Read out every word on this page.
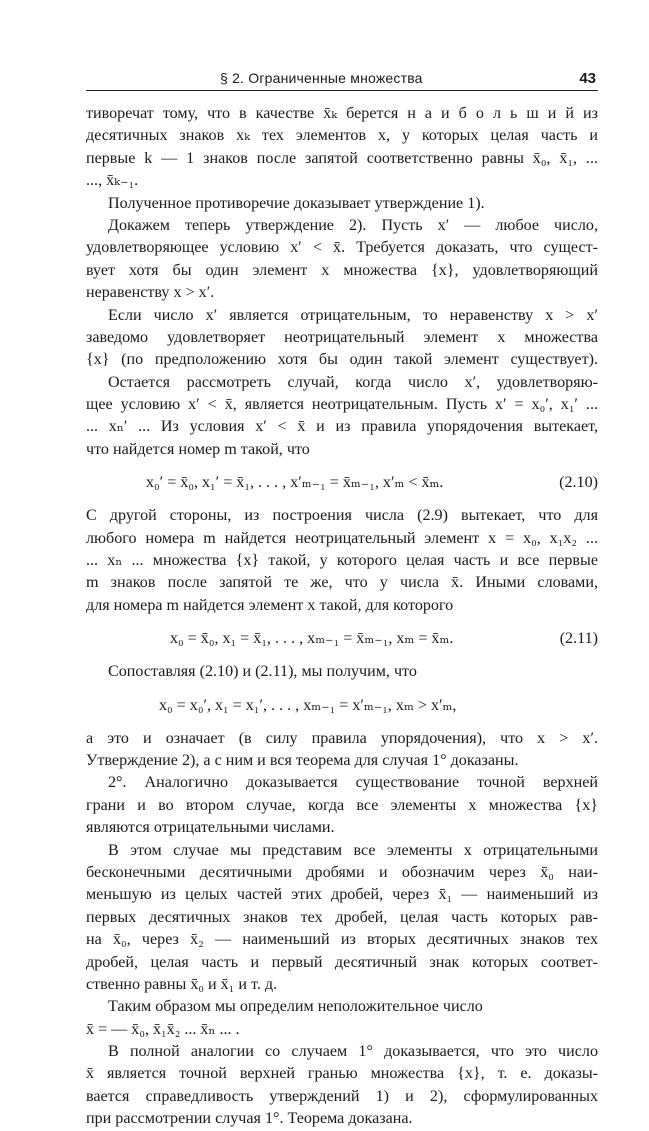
§ 2. Ограниченные множества	43
тиворечат тому, что в качестве x̄ₖ берется н а и б о л ь ш и й из
десятичных знаков xₖ тех элементов x, у которых целая часть и
первые k — 1 знаков после запятой соответственно равны x̄₀, x̄₁, ...
..., x̄ₖ₋₁.
Полученное противоречие доказывает утверждение 1).
Докажем теперь утверждение 2). Пусть x′ — любое число,
удовлетворяющее условию x′ < x̄. Требуется доказать, что сущест-
вует хотя бы один элемент x множества {x}, удовлетворяющий
неравенству x > x′.
Если число x′ является отрицательным, то неравенству x > x′
заведомо удовлетворяет неотрицательный элемент x множества
{x} (по предположению хотя бы один такой элемент существует).
Остается рассмотреть случай, когда число x′, удовлетворяю-
щее условию x′ < x̄, является неотрицательным. Пусть x′ = x₀′, x₁′ ...
... xₙ′ ... Из условия x′ < x̄ и из правила упорядочения вытекает,
что найдется номер m такой, что
x₀′ = x̄₀, x₁′ = x̄₁, . . . , x′ₘ₋₁ = x̄ₘ₋₁, x′ₘ < x̄ₘ.	(2.10)
С другой стороны, из построения числа (2.9) вытекает, что для
любого номера m найдется неотрицательный элемент x = x₀, x₁x₂ ...
... xₙ ... множества {x} такой, у которого целая часть и все первые
m знаков после запятой те же, что у числа x̄. Иными словами,
для номера m найдется элемент x такой, для которого
x₀ = x̄₀, x₁ = x̄₁, . . . , xₘ₋₁ = x̄ₘ₋₁, xₘ = x̄ₘ.	(2.11)
Сопоставляя (2.10) и (2.11), мы получим, что
x₀ = x₀′, x₁ = x₁′, . . . , xₘ₋₁ = x′ₘ₋₁, xₘ > x′ₘ,
а это и означает (в силу правила упорядочения), что x > x′.
Утверждение 2), а с ним и вся теорема для случая 1° доказаны.
2°. Аналогично доказывается существование точной верхней
грани и во втором случае, когда все элементы x множества {x}
являются отрицательными числами.
В этом случае мы представим все элементы x отрицательными
бесконечными десятичными дробями и обозначим через x̄₀ наи-
меньшую из целых частей этих дробей, через x̄₁ — наименьший из
первых десятичных знаков тех дробей, целая часть которых рав-
на x̄₀, через x̄₂ — наименьший из вторых десятичных знаков тех
дробей, целая часть и первый десятичный знак которых соответ-
ственно равны x̄₀ и x̄₁ и т. д.
Таким образом мы определим неположительное число
x̄ = — x̄₀, x̄₁x̄₂ ... x̄ₙ ... .
В полной аналогии со случаем 1° доказывается, что это число
x̄ является точной верхней гранью множества {x}, т. е. доказы-
вается справедливость утверждений 1) и 2), сформулированных
при рассмотрении случая 1°. Теорема доказана.
